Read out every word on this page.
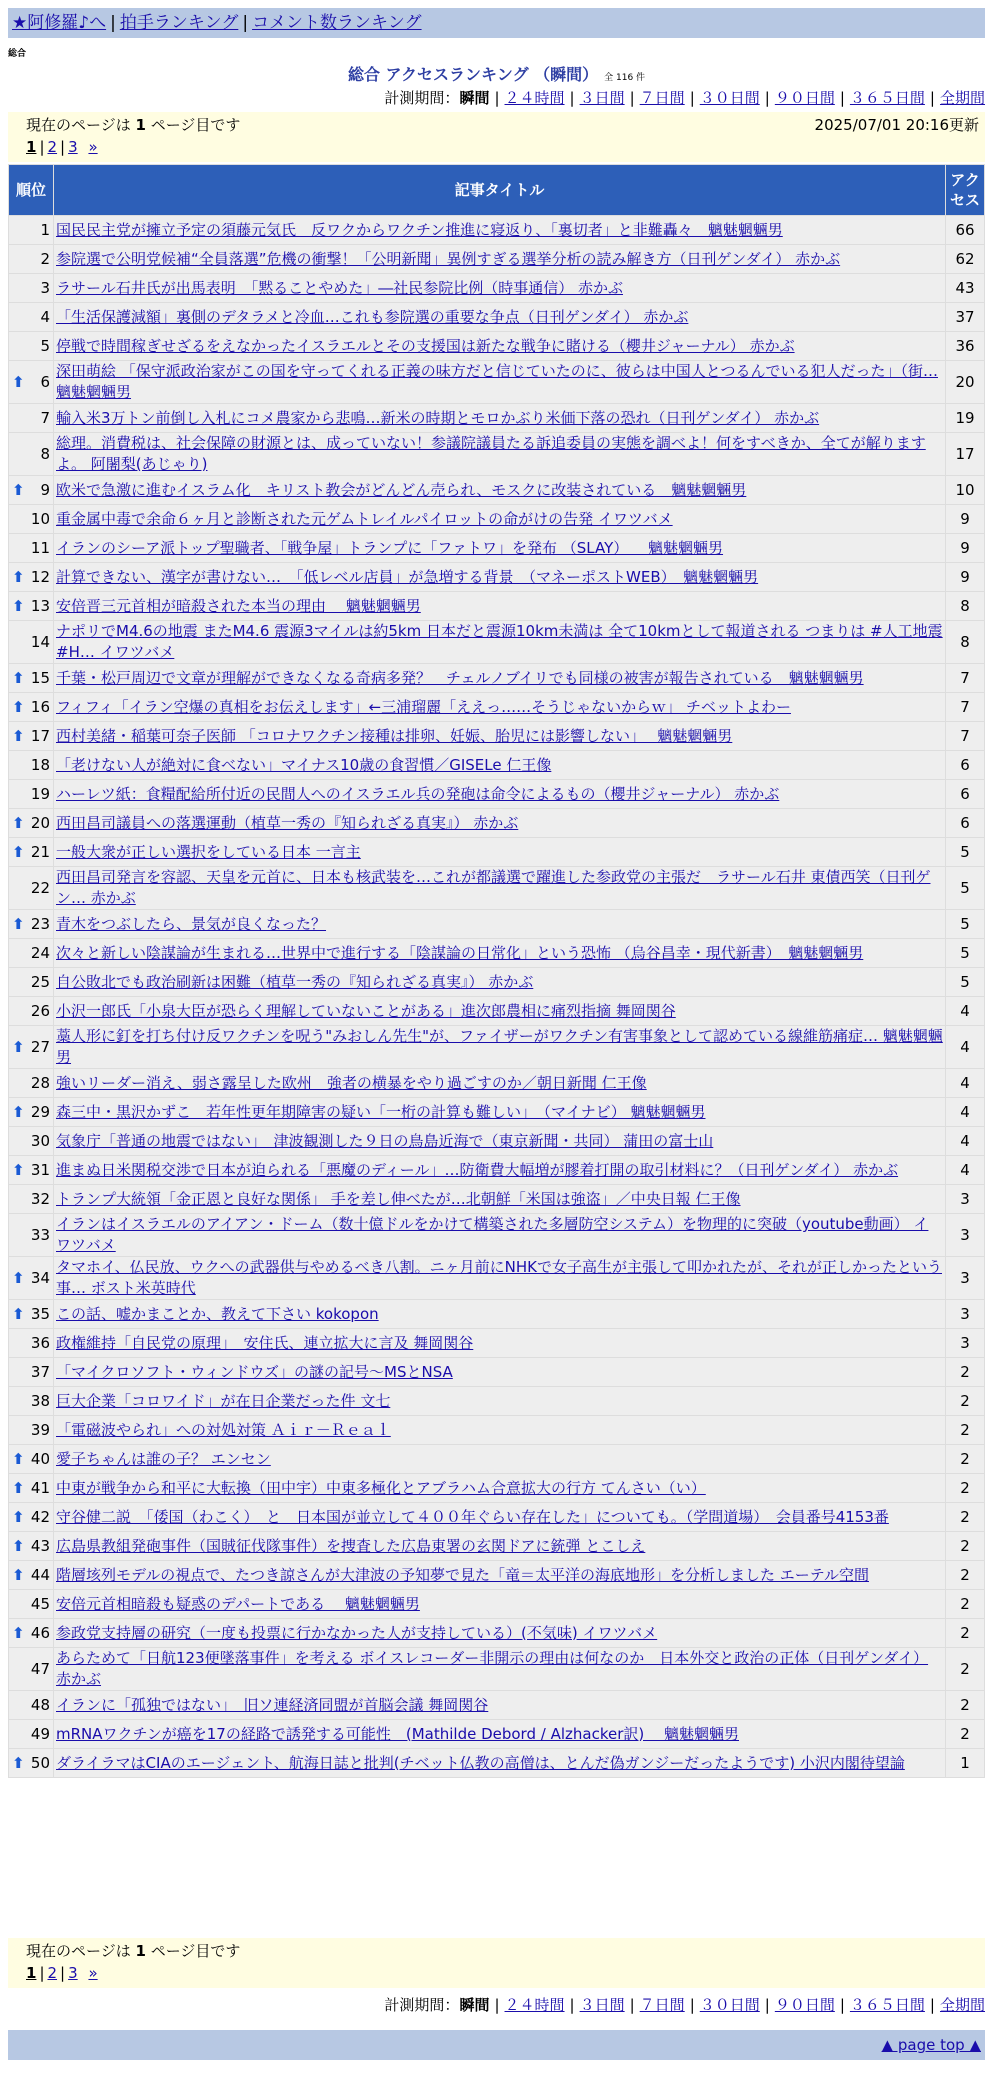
★阿修羅♪へ | 拍手ランキング | コメント数ランキング
総合
総合 アクセスランキング （瞬間） 全 116 件
計測期間：瞬間 | ２４時間 | ３日間 | ７日間 | ３０日間 | ９０日間 | ３６５日間 | 全期間
現在のページは 1 ページ目です	2025/07/01 20:16更新
1 | 2 | 3 »
順位	記事タイトル	アクセス
1	国民民主党が擁立予定の須藤元気氏　反ワクからワクチン推進に寝返り、「裏切者」と非難轟々　魑魅魍魎男	66
2	参院選で公明党候補“全員落選”危機の衝撃！「公明新聞」異例すぎる選挙分析の読み解き方（日刊ゲンダイ） 赤かぶ	62
3	ラサール石井氏が出馬表明　「黙ることやめた」―社民参院比例（時事通信） 赤かぶ	43
4	「生活保護減額」裏側のデタラメと冷血…これも参院選の重要な争点（日刊ゲンダイ） 赤かぶ	37
5	停戦で時間稼ぎせざるをえなかったイスラエルとその支援国は新たな戦争に賭ける（櫻井ジャーナル） 赤かぶ	36

⬆ 6	深田萌絵 「保守派政治家がこの国を守ってくれる正義の味方だと信じていたのに、彼らは中国人とつるんでいる犯人だった」（街… 魑魅魍魎男	20
7	輸入米3万トン前倒し入札にコメ農家から悲鳴…新米の時期とモロかぶり米価下落の恐れ（日刊ゲンダイ） 赤かぶ	19
8	総理。消費税は、社会保障の財源とは、成っていない！参議院議員たる訴追委員の実態を調べよ！何をすべきか、全てが解りますよ。 阿闍梨(あじゃり)	17

⬆ 9	欧米で急激に進むイスラム化　キリスト教会がどんどん売られ、モスクに改装されている　魑魅魍魎男	10
10	重金属中毒で余命６ヶ月と診断された元ゲムトレイルパイロットの命がけの告発 イワツバメ	9
11	イランのシーア派トップ聖職者、「戦争屋」トランプに「ファトワ」を発布 （SLAY） 　魑魅魍魎男	9

⬆ 12	計算できない、漢字が書けない…　「低レベル店員」が急増する背景　（マネーポストWEB）　魑魅魍魎男	9

⬆ 13	安倍晋三元首相が暗殺された本当の理由　 魑魅魍魎男	8
14	ナポリでM4.6の地震 またM4.6 震源3マイルは約5km 日本だと震源10km未満は 全て10kmとして報道される つまりは #人工地震 #H… イワツバメ	8

⬆ 15	千葉・松戸周辺で文章が理解ができなくなる奇病多発？　チェルノブイリでも同様の被害が報告されている　魑魅魍魎男	7

⬆ 16	フィフィ「イラン空爆の真相をお伝えします」←三浦瑠麗「ええっ……そうじゃないからｗ」 チベットよわー	7

⬆ 17	西村美緒・稲葉可奈子医師 「コロナワクチン接種は排卵、妊娠、胎児には影響しない」　 魑魅魍魎男	7
18	「老けない人が絶対に食べない」マイナス10歳の食習慣／GISELe 仁王像	6
19	ハーレツ紙：食糧配給所付近の民間人へのイスラエル兵の発砲は命令によるもの（櫻井ジャーナル） 赤かぶ	6

⬆ 20	西田昌司議員への落選運動（植草一秀の『知られざる真実』） 赤かぶ	6

⬆ 21	一般大衆が正しい選択をしている日本 一言主	5
22	西田昌司発言を容認、天皇を元首に、日本も核武装を…これが都議選で躍進した参政党の主張だ　ラサール石井 東債西笑（日刊ゲン… 赤かぶ	5

⬆ 23	青木をつぶしたら、景気が良くなった？	5
24	次々と新しい陰謀論が生まれる…世界中で進行する「陰謀論の日常化」という恐怖 （烏谷昌幸・現代新書）　魑魅魍魎男	5
25	自公敗北でも政治刷新は困難（植草一秀の『知られざる真実』） 赤かぶ	5
26	小沢一郎氏「小泉大臣が恐らく理解していないことがある」進次郎農相に痛烈指摘 舞岡関谷	4

⬆ 27	藁人形に釘を打ち付け反ワクチンを呪う"みおしん先生"が、ファイザーがワクチン有害事象として認めている線維筋痛症… 魑魅魍魎男	4
28	強いリーダー消え、弱さ露呈した欧州　強者の横暴をやり過ごすのか／朝日新聞 仁王像	4

⬆ 29	森三中・黒沢かずこ　若年性更年期障害の疑い「一桁の計算も難しい」　（マイナビ） 魑魅魍魎男	4
30	気象庁「普通の地震ではない」　津波観測した９日の鳥島近海で（東京新聞・共同） 蒲田の富士山	4

⬆ 31	進まぬ日米関税交渉で日本が迫られる「悪魔のディール」…防衛費大幅増が膠着打開の取引材料に？（日刊ゲンダイ） 赤かぶ	4
32	トランプ大統領「金正恩と良好な関係」 手を差し伸べたが…北朝鮮「米国は強盗」／中央日報 仁王像	3
33	イランはイスラエルのアイアン・ドーム（数十億ドルをかけて構築された多層防空システム）を物理的に突破（youtube動画） イワツバメ	3

⬆ 34	タマホイ、仏民放、ウクへの武器供与やめるべき八割。ニヶ月前にNHKで女子高生が主張して叩かれたが、それが正しかったという事… ボスト米英時代	3

⬆ 35	この話、嘘かまことか、教えて下さい kokopon	3
36	政権維持「自民党の原理」　安住氏、連立拡大に言及 舞岡関谷	3
37	「マイクロソフト・ウィンドウズ」の謎の記号～MSとNSA	2
38	巨大企業「コロワイド」が在日企業だった件 文七	2
39	「電磁波やられ」への対処対策 Ａｉｒ－Ｒｅａｌ	2

⬆ 40	愛子ちゃんは誰の子？ エンセン	2

⬆ 41	中東が戦争から和平に大転換（田中宇）中東多極化とアブラハム合意拡大の行方 てんさい（い）	2

⬆ 42	守谷健二説　「倭国（わこく）　と　日本国が並立して４００年ぐらい存在した」についても。（学問道場）　会員番号4153番	2

⬆ 43	広島県教組発砲事件（国賊征伐隊事件）を捜査した広島東署の玄関ドアに銃弾 とこしえ	2

⬆ 44	階層垓列モデルの視点で、たつき諒さんが大津波の予知夢で見た「竜＝太平洋の海底地形」を分析しました エーテル空間	2
45	安倍元首相暗殺も疑惑のデパートである　 魑魅魍魎男	2

⬆ 46	参政党支持層の研究（一度も投票に行かなかった人が支持している）(不気味) イワツバメ	2
47	あらためて「日航123便墜落事件」を考える ボイスレコーダー非開示の理由は何なのか　日本外交と政治の正体（日刊ゲンダイ） 赤かぶ	2
48	イランに「孤独ではない」　旧ソ連経済同盟が首脳会議 舞岡関谷	2
49	mRNAワクチンが癌を17の経路で誘発する可能性　(Mathilde Debord / Alzhacker訳)　 魑魅魍魎男	2

⬆ 50	ダライラマはCIAのエージェント、航海日誌と批判(チベット仏教の高僧は、とんだ偽ガンジーだったようです) 小沢内閣待望論	1
現在のページは 1 ページ目です
1 | 2 | 3 »
計測期間：瞬間 | ２４時間 | ３日間 | ７日間 | ３０日間 | ９０日間 | ３６５日間 | 全期間
▲ page top ▲
